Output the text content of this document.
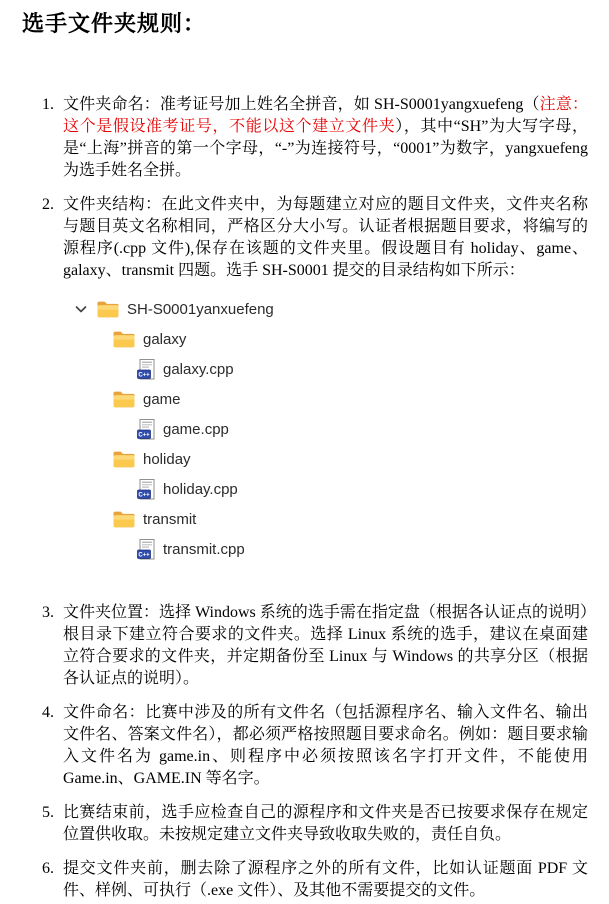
选手文件夹规则：
1. 文件夹命名：准考证号加上姓名全拼音，如 SH-S0001yangxuefeng（注意：这个是假设准考证号，不能以这个建立文件夹），其中“SH”为大写字母，是“上海”拼音的第一个字母，“-”为连接符号，“0001”为数字，yangxuefeng 为选手姓名全拼。
2. 文件夹结构：在此文件夹中，为每题建立对应的题目文件夹，文件夹名称与题目英文名称相同，严格区分大小写。认证者根据题目要求，将编写的源程序(.cpp 文件),保存在该题的文件夹里。假设题目有 holiday、game、galaxy、transmit 四题。选手 SH-S0001 提交的目录结构如下所示：
SH-S0001yanxuefeng
galaxy
C++ galaxy.cpp
game
C++ game.cpp
holiday
C++ holiday.cpp
transmit
C++ transmit.cpp
3. 文件夹位置：选择 Windows 系统的选手需在指定盘（根据各认证点的说明）根目录下建立符合要求的文件夹。选择 Linux 系统的选手，建议在桌面建立符合要求的文件夹，并定期备份至 Linux 与 Windows 的共享分区（根据各认证点的说明）。
4. 文件命名：比赛中涉及的所有文件名（包括源程序名、输入文件名、输出文件名、答案文件名），都必须严格按照题目要求命名。例如：题目要求输入文件名为 game.in、则程序中必须按照该名字打开文件，不能使用 Game.in、GAME.IN 等名字。
5. 比赛结束前，选手应检查自己的源程序和文件夹是否已按要求保存在规定位置供收取。未按规定建立文件夹导致收取失败的，责任自负。
6. 提交文件夹前，删去除了源程序之外的所有文件，比如认证题面 PDF 文件、样例、可执行（.exe 文件）、及其他不需要提交的文件。
